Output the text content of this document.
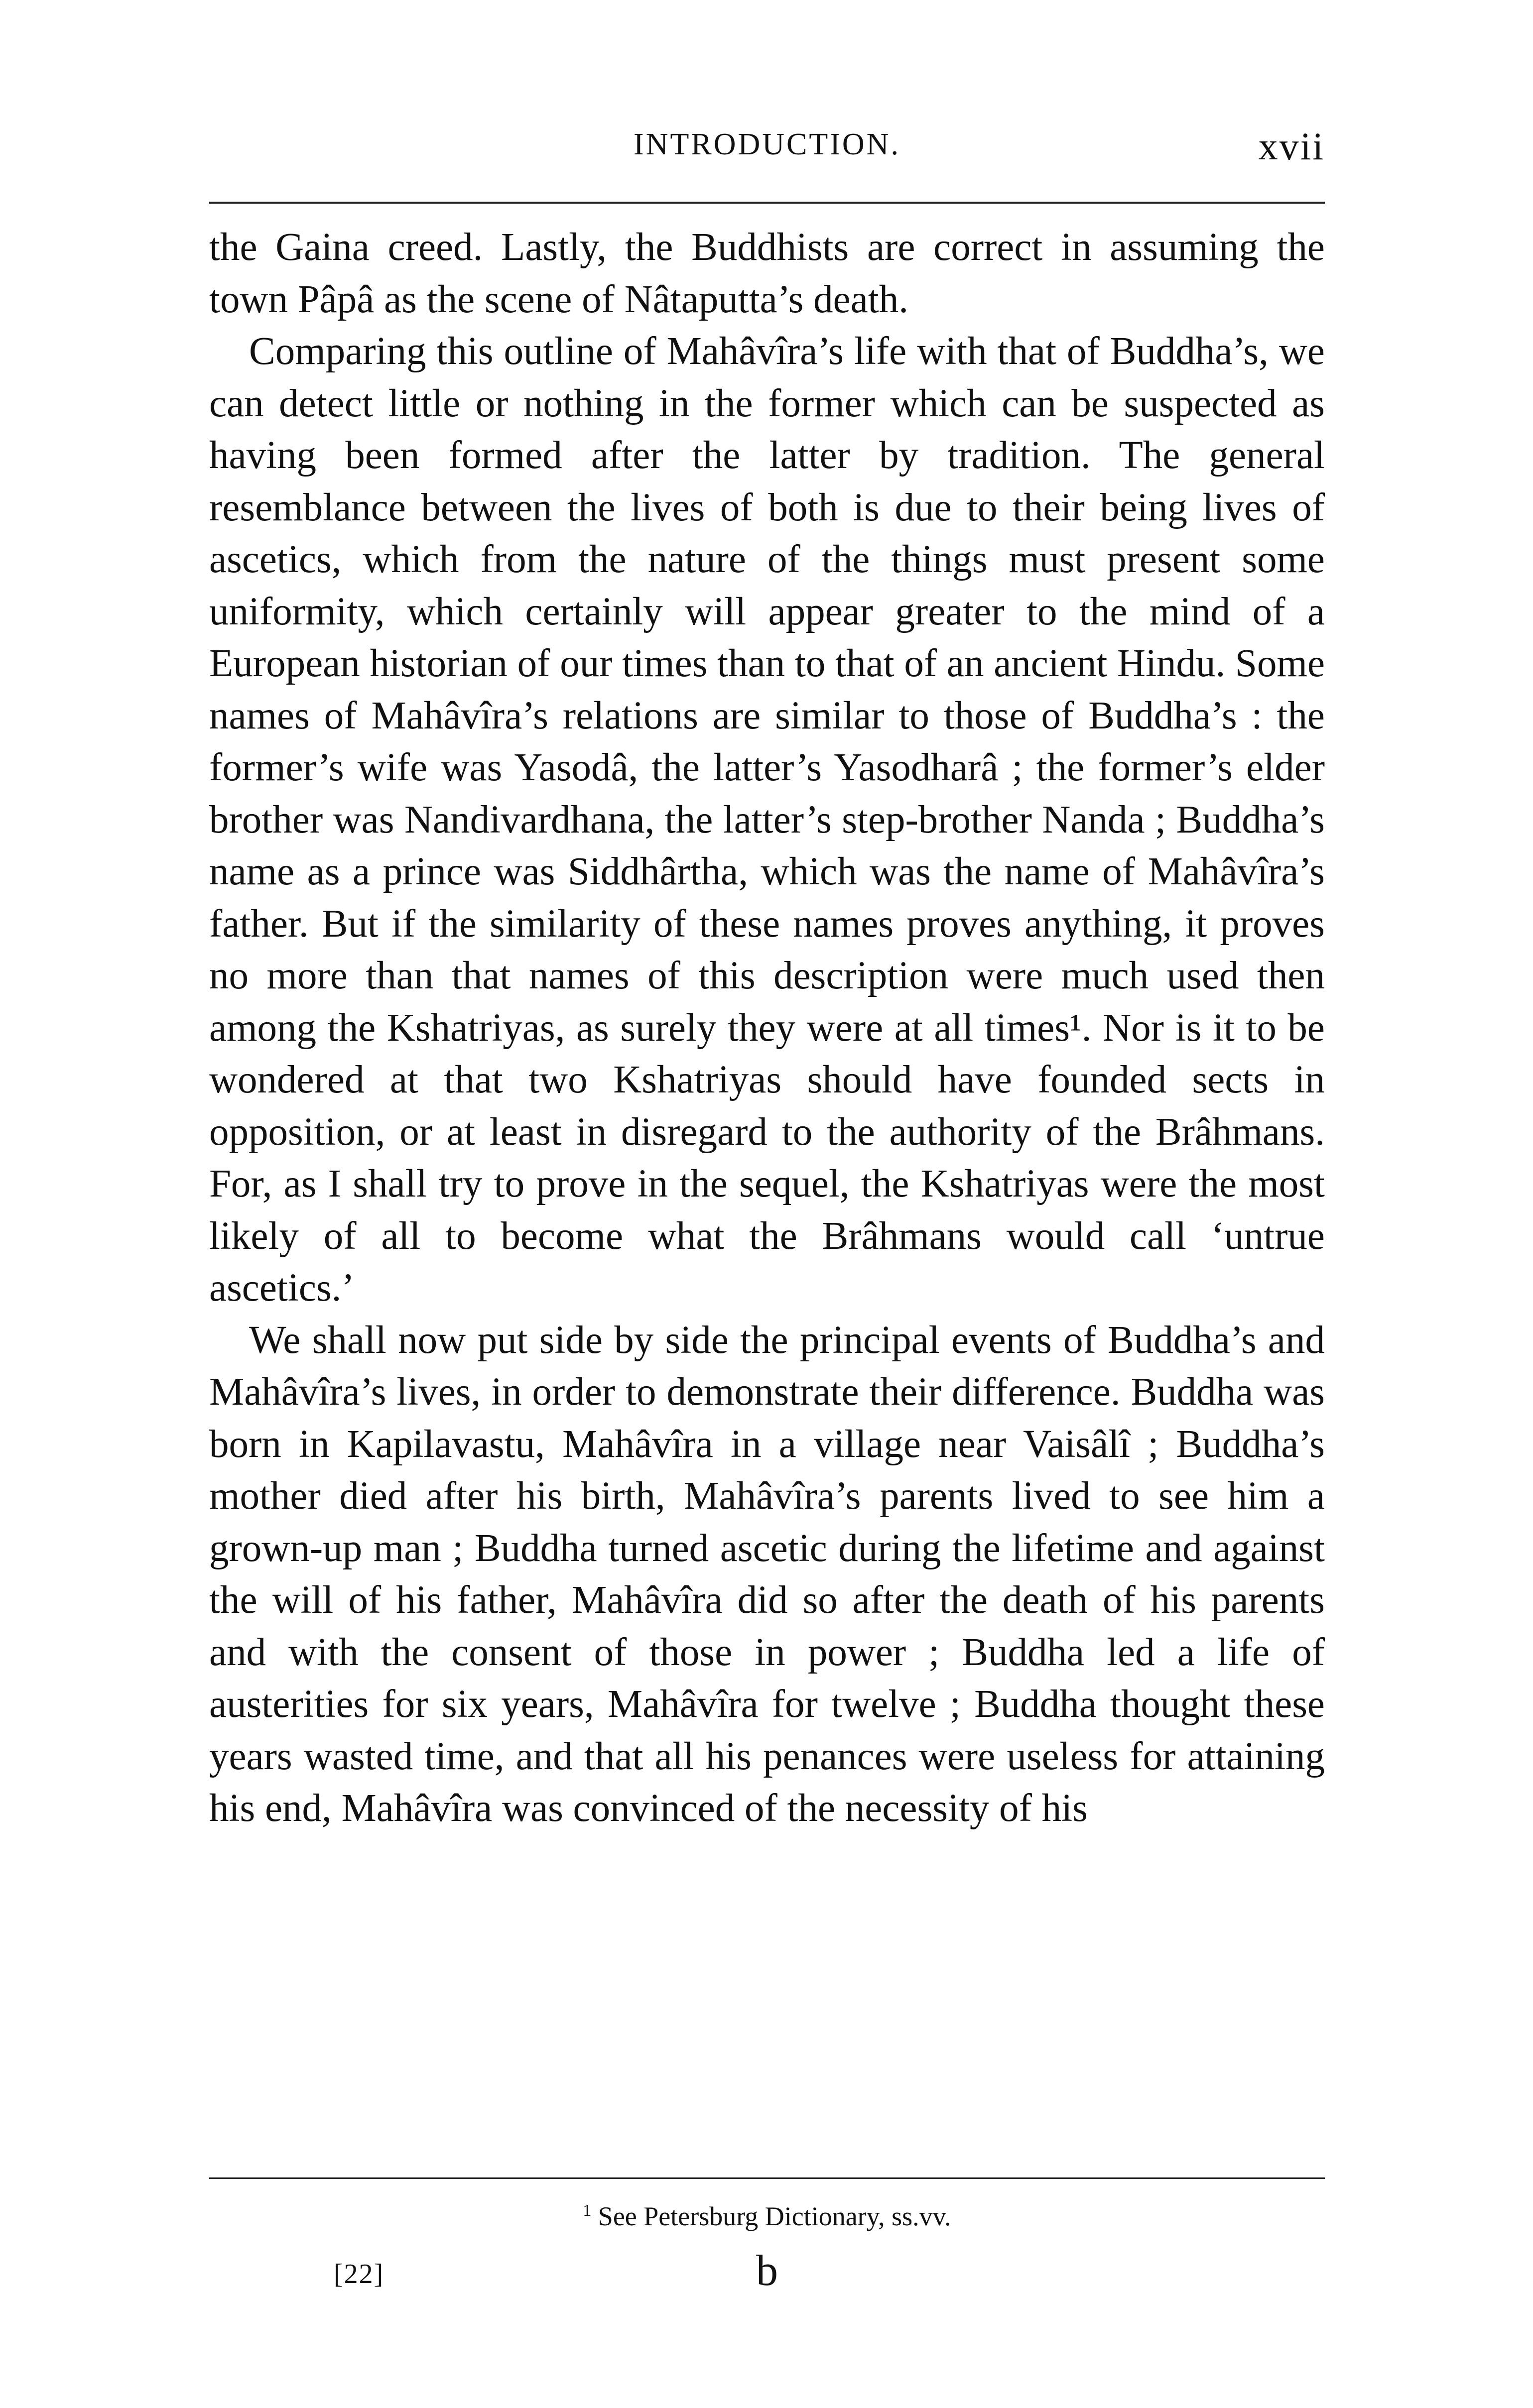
INTRODUCTION.	xvii

the Gaina creed. Lastly, the Buddhists are correct in assuming the town Pâpâ as the scene of Nâtaputta’s death.

Comparing this outline of Mahâvîra’s life with that of Buddha’s, we can detect little or nothing in the former which can be suspected as having been formed after the latter by tradition. The general resemblance between the lives of both is due to their being lives of ascetics, which from the nature of the things must present some uniformity, which certainly will appear greater to the mind of a European historian of our times than to that of an ancient Hindu. Some names of Mahâvîra’s relations are similar to those of Buddha’s : the former’s wife was Yasodâ, the latter’s Yasodharâ ; the former’s elder brother was Nandivardhana, the latter’s step-brother Nanda ; Buddha’s name as a prince was Siddhârtha, which was the name of Mahâvîra’s father. But if the similarity of these names proves anything, it proves no more than that names of this description were much used then among the Kshatriyas, as surely they were at all times¹. Nor is it to be wondered at that two Kshatriyas should have founded sects in opposition, or at least in disregard to the authority of the Brâhmans. For, as I shall try to prove in the sequel, the Kshatriyas were the most likely of all to become what the Brâhmans would call ‘untrue ascetics.’

We shall now put side by side the principal events of Buddha’s and Mahâvîra’s lives, in order to demonstrate their difference. Buddha was born in Kapilavastu, Mahâvîra in a village near Vaisâlî ; Buddha’s mother died after his birth, Mahâvîra’s parents lived to see him a grown-up man ; Buddha turned ascetic during the lifetime and against the will of his father, Mahâvîra did so after the death of his parents and with the consent of those in power ; Buddha led a life of austerities for six years, Mahâvîra for twelve ; Buddha thought these years wasted time, and that all his penances were useless for attaining his end, Mahâvîra was convinced of the necessity of his

$^1$ See Petersburg Dictionary, ss.vv.
[22]	b
